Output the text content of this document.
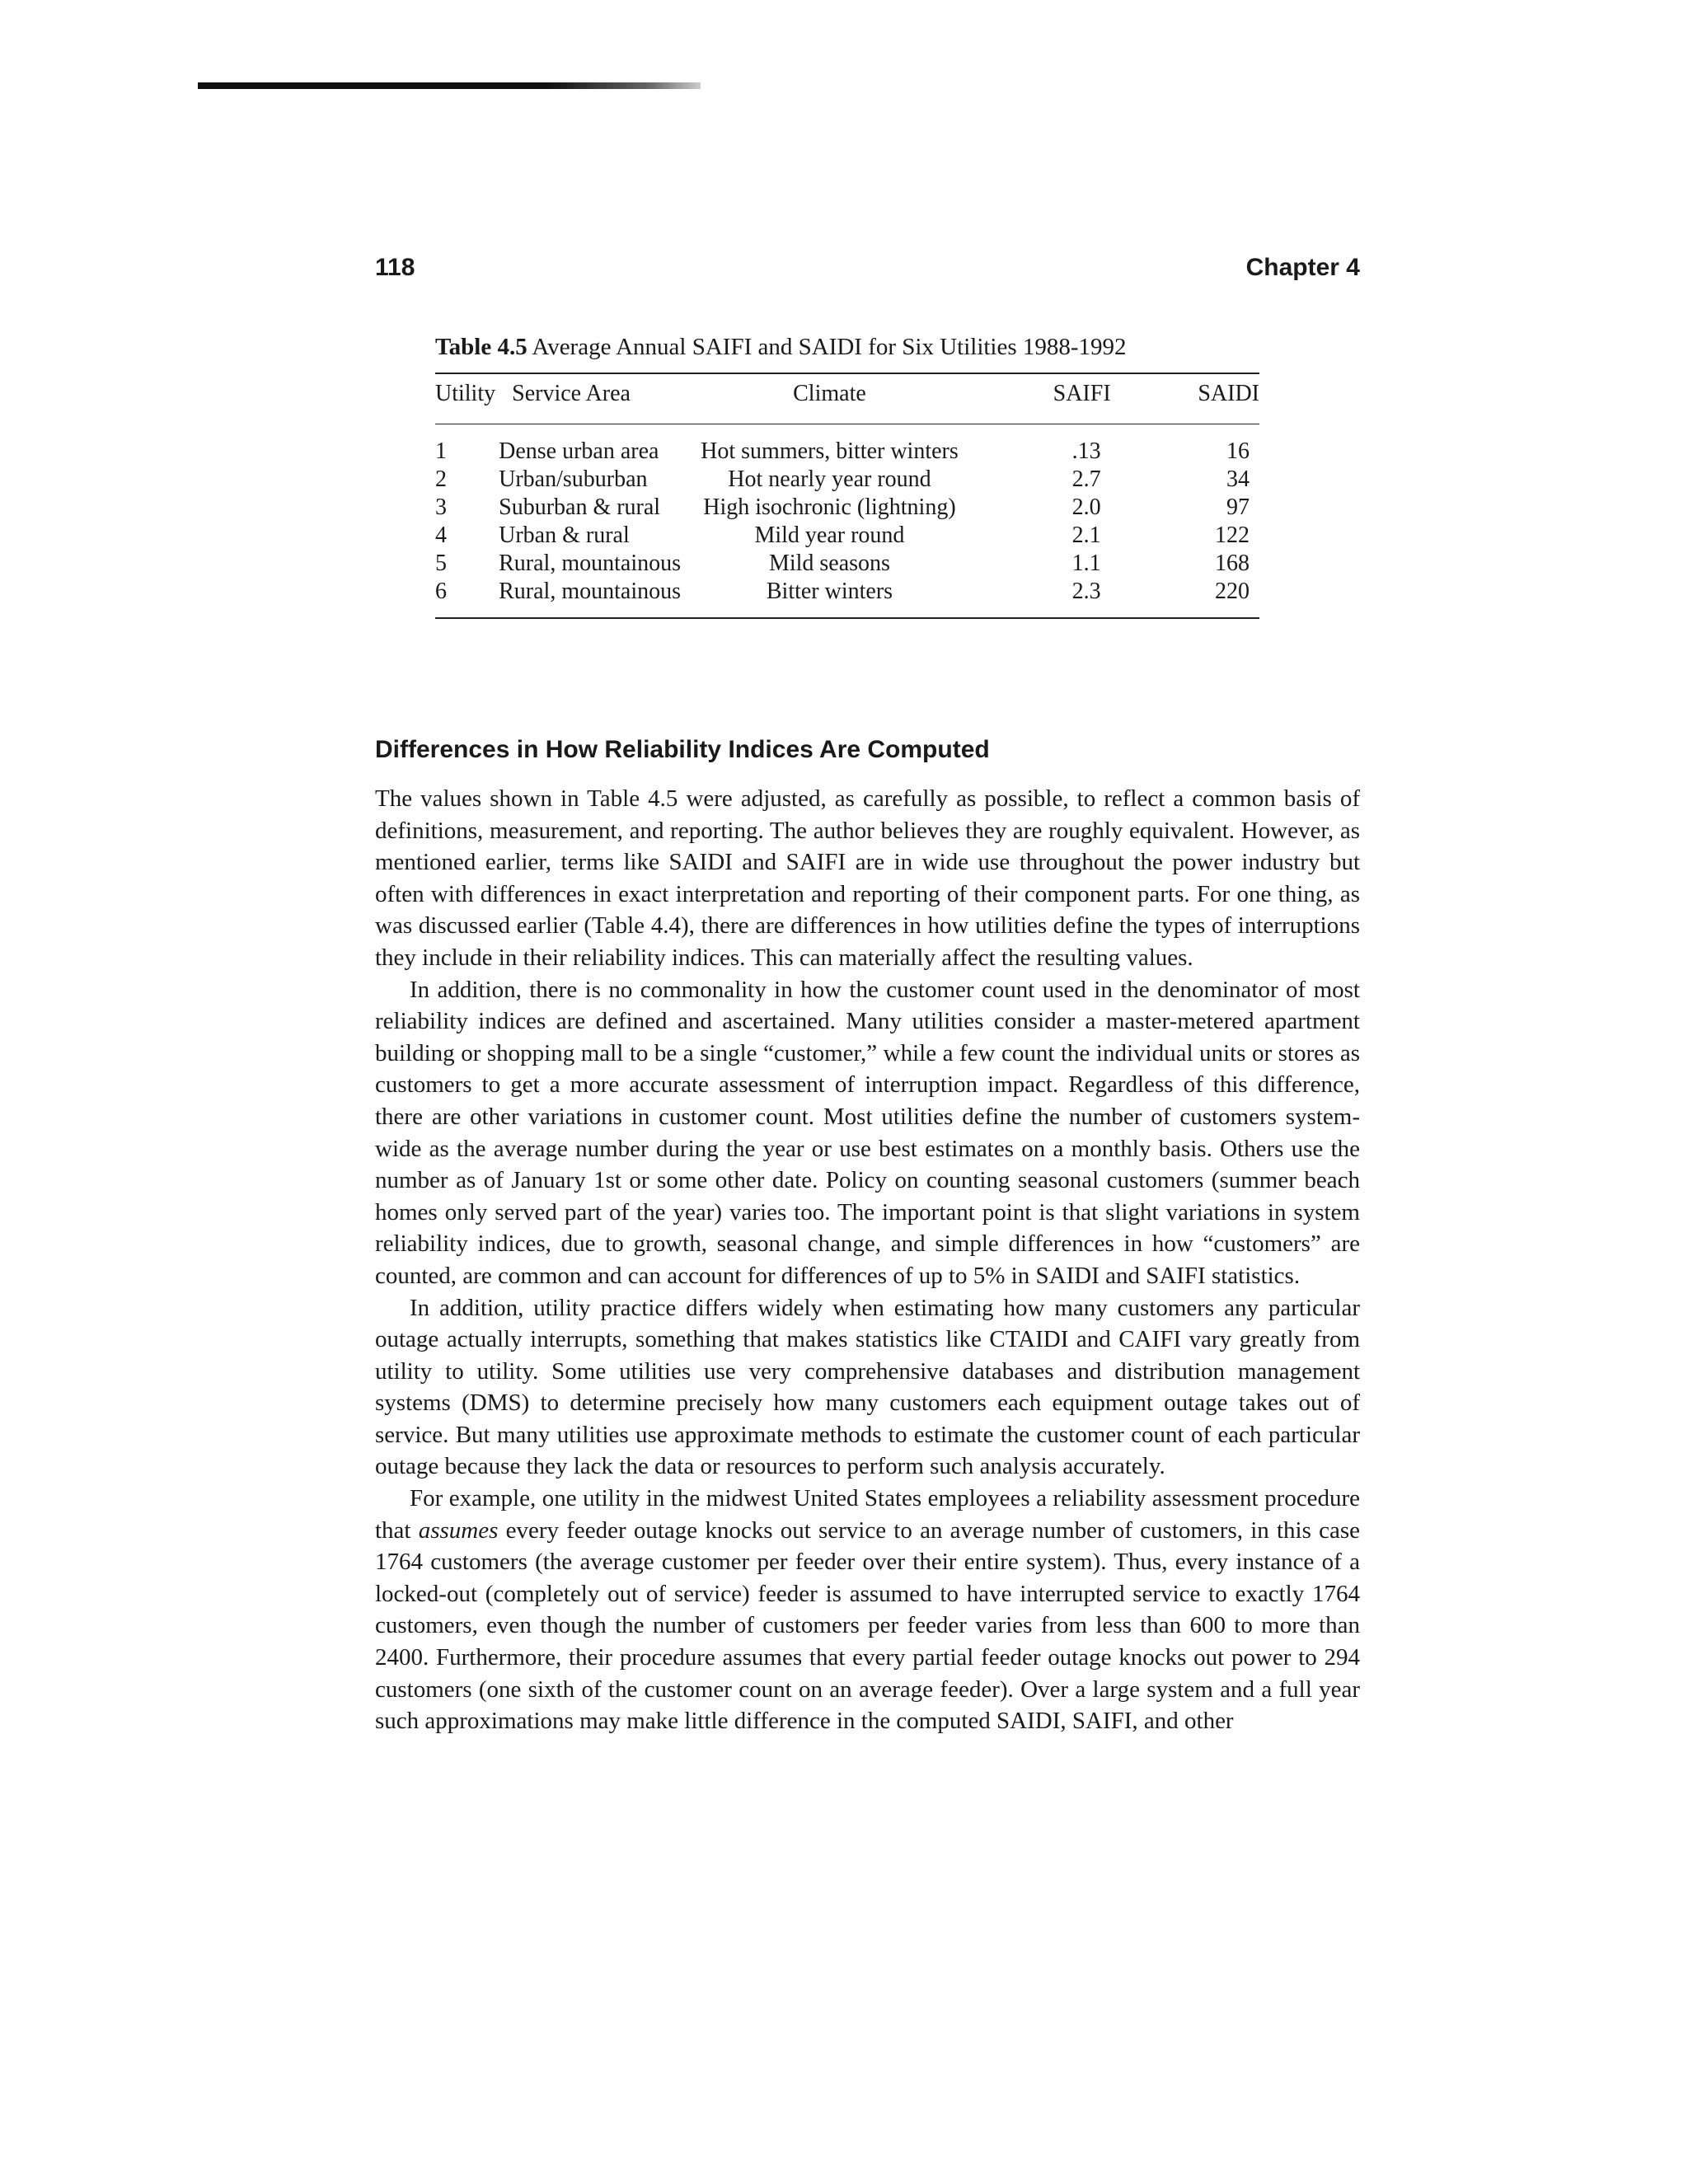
118	Chapter 4
Table 4.5 Average Annual SAIFI and SAIDI for Six Utilities 1988-1992
Utility	Service Area	Climate	SAIFI	SAIDI

1	Dense urban area	Hot summers, bitter winters	.13	16
2	Urban/suburban	Hot nearly year round	2.7	34
3	Suburban & rural	High isochronic (lightning)	2.0	97
4	Urban & rural	Mild year round	2.1	122
5	Rural, mountainous	Mild seasons	1.1	168
6	Rural, mountainous	Bitter winters	2.3	220
Differences in How Reliability Indices Are Computed

The values shown in Table 4.5 were adjusted, as carefully as possible, to reflect a common basis of definitions, measurement, and reporting. The author believes they are roughly equivalent. However, as mentioned earlier, terms like SAIDI and SAIFI are in wide use throughout the power industry but often with differences in exact interpretation and reporting of their component parts. For one thing, as was discussed earlier (Table 4.4), there are differences in how utilities define the types of interruptions they include in their reliability indices. This can materially affect the resulting values.

In addition, there is no commonality in how the customer count used in the denominator of most reliability indices are defined and ascertained. Many utilities consider a master-metered apartment building or shopping mall to be a single “customer,” while a few count the individual units or stores as customers to get a more accurate assessment of interruption impact. Regardless of this difference, there are other variations in customer count. Most utilities define the number of customers system-wide as the average number during the year or use best estimates on a monthly basis. Others use the number as of January 1st or some other date. Policy on counting seasonal customers (summer beach homes only served part of the year) varies too. The important point is that slight variations in system reliability indices, due to growth, seasonal change, and simple differences in how “customers” are counted, are common and can account for differences of up to 5% in SAIDI and SAIFI statistics.

In addition, utility practice differs widely when estimating how many customers any particular outage actually interrupts, something that makes statistics like CTAIDI and CAIFI vary greatly from utility to utility. Some utilities use very comprehensive databases and distribution management systems (DMS) to determine precisely how many customers each equipment outage takes out of service. But many utilities use approximate methods to estimate the customer count of each particular outage because they lack the data or resources to perform such analysis accurately.

For example, one utility in the midwest United States employees a reliability assessment procedure that assumes every feeder outage knocks out service to an average number of customers, in this case 1764 customers (the average customer per feeder over their entire system). Thus, every instance of a locked-out (completely out of service) feeder is assumed to have interrupted service to exactly 1764 customers, even though the number of customers per feeder varies from less than 600 to more than 2400. Furthermore, their procedure assumes that every partial feeder outage knocks out power to 294 customers (one sixth of the customer count on an average feeder). Over a large system and a full year such approximations may make little difference in the computed SAIDI, SAIFI, and other
